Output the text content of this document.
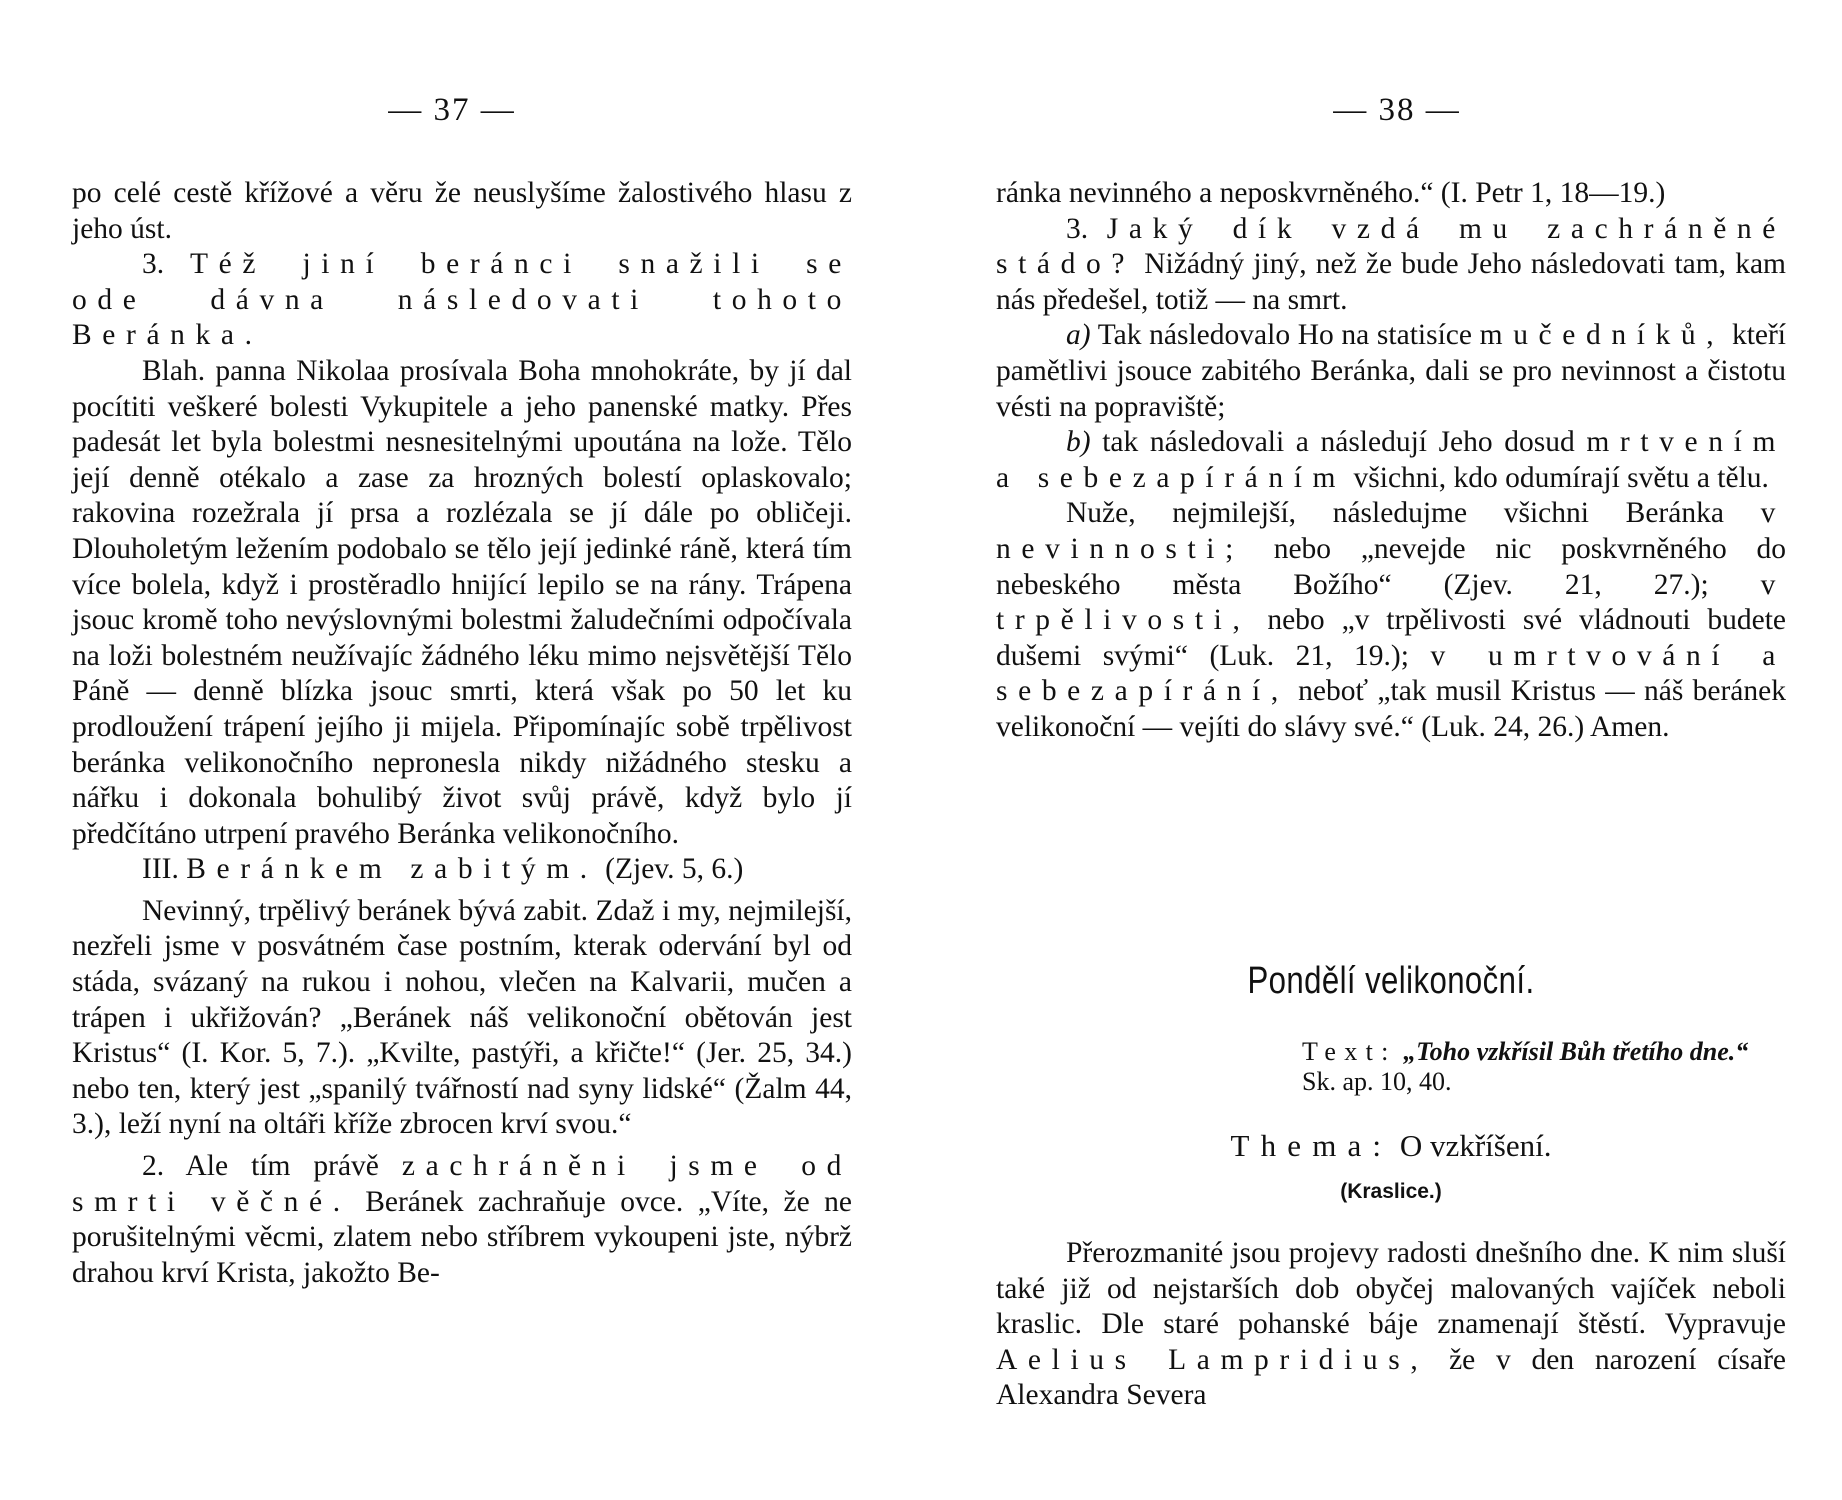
— 37 —

po celé cestě křížové a věru že neuslyšíme žalostivého hlasu z jeho úst.

3. Též jiní beránci snažili se ode dávna následovati tohoto Beránka.

Blah. panna Nikolaa prosívala Boha mnohokráte, by jí dal pocítiti veškeré bolesti Vykupitele a jeho panenské matky. Přes padesát let byla bolestmi nesnesitelnými upoutána na lože. Tělo její denně otékalo a zase za hrozných bolestí oplaskovalo; rakovina rozežrala jí prsa a rozlézala se jí dále po obličeji. Dlouholetým ležením podobalo se tělo její jedinké ráně, která tím více bolela, když i prostěradlo hnijící lepilo se na rány. Trápena jsouc kromě toho nevýslovnými bolestmi žaludečními odpočívala na loži bolestném neužívajíc žádného léku mimo nejsvětější Tělo Páně — denně blízka jsouc smrti, která však po 50 let ku prodloužení trápení jejího ji mijela. Připomínajíc sobě trpělivost beránka velikonočního nepronesla nikdy nižádného stesku a nářku i dokonala bohulibý život svůj právě, když bylo jí předčítáno utrpení pravého Beránka velikonočního.

III. Beránkem zabitým. (Zjev. 5, 6.)

Nevinný, trpělivý beránek bývá zabit. Zdaž i my, nejmilejší, nezřeli jsme v posvátném čase postním, kterak odervání byl od stáda, svázaný na rukou i nohou, vlečen na Kalvarii, mučen a trápen i ukřižován? „Beránek náš velikonoční obětován jest Kristus“ (I. Kor. 5, 7.). „Kvilte, pastýři, a křičte!“ (Jer. 25, 34.) nebo ten, který jest „spanilý tvářností nad syny lidské“ (Žalm 44, 3.), leží nyní na oltáři kříže zbrocen krví svou.“

2. Ale tím právě zachráněni jsme od smrti věčné. Beránek zachraňuje ovce. „Víte, že ne porušitelnými věcmi, zlatem nebo stříbrem vykoupeni jste, nýbrž drahou krví Krista, jakožto Be-

— 38 —

ránka nevinného a neposkvrněného.“ (I. Petr 1, 18—19.)

3. Jaký dík vzdá mu zachráněné stádo? Nižádný jiný, než že bude Jeho následovati tam, kam nás předešel, totiž — na smrt.

a) Tak následovalo Ho na statisíce mučedníků, kteří pamětlivi jsouce zabitého Beránka, dali se pro nevinnost a čistotu vésti na popraviště;

b) tak následovali a následují Jeho dosud mrtvením a sebezapíráním všichni, kdo odumírají světu a tělu.

Nuže, nejmilejší, následujme všichni Beránka v nevinnosti; nebo „nevejde nic poskvrněného do nebeského města Božího“ (Zjev. 21, 27.); v trpělivosti, nebo „v trpělivosti své vládnouti budete dušemi svými“ (Luk. 21, 19.); v umrtvování a sebezapírání, neboť „tak musil Kristus — náš beránek velikonoční — vejíti do slávy své.“ (Luk. 24, 26.) Amen.

Pondělí velikonoční.
Text: „Toho vzkřísil Bůh třetího dne.“ Sk. ap. 10, 40.
Thema: O vzkříšení.
(Kraslice.)

Přerozmanité jsou projevy radosti dnešního dne. K nim sluší také již od nejstarších dob obyčej malovaných vajíček neboli kraslic. Dle staré pohanské báje znamenají štěstí. Vypravuje Aelius Lampridius, že v den narození císaře Alexandra Severa
